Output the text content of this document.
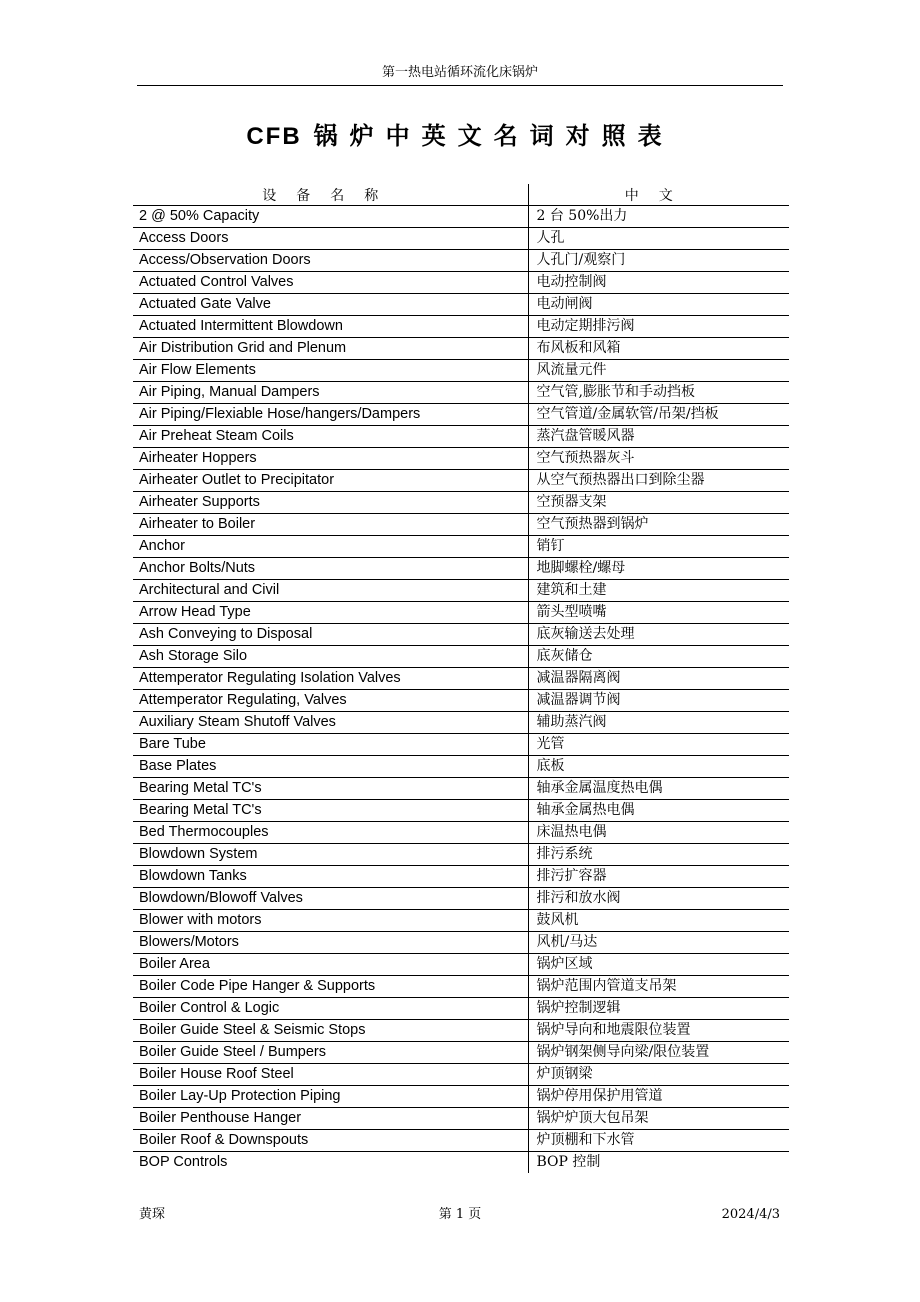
第一热电站循环流化床锅炉
CFB 锅炉中英文名词对照表
设备名称	中文
2 @ 50% Capacity	2 台 50%出力
Access Doors	人孔
Access/Observation Doors	人孔门/观察门
Actuated Control Valves	电动控制阀
Actuated Gate Valve	电动闸阀
Actuated Intermittent Blowdown	电动定期排污阀
Air Distribution Grid and Plenum	布风板和风箱
Air Flow Elements	风流量元件
Air Piping, Manual Dampers	空气管,膨胀节和手动挡板
Air Piping/Flexiable Hose/hangers/Dampers	空气管道/金属软管/吊架/挡板
Air Preheat Steam Coils	蒸汽盘管暖风器
Airheater Hoppers	空气预热器灰斗
Airheater Outlet to Precipitator	从空气预热器出口到除尘器
Airheater Supports	空预器支架
Airheater to Boiler	空气预热器到锅炉
Anchor	销钉
Anchor Bolts/Nuts	地脚螺栓/螺母
Architectural and Civil	建筑和土建
Arrow Head Type	箭头型喷嘴
Ash Conveying to Disposal	底灰输送去处理
Ash Storage Silo	底灰储仓
Attemperator Regulating Isolation Valves	减温器隔离阀
Attemperator Regulating, Valves	减温器调节阀
Auxiliary Steam Shutoff Valves	辅助蒸汽阀
Bare Tube	光管
Base Plates	底板
Bearing Metal TC's	轴承金属温度热电偶
Bearing Metal TC's	轴承金属热电偶
Bed Thermocouples	床温热电偶
Blowdown System	排污系统
Blowdown Tanks	排污扩容器
Blowdown/Blowoff Valves	排污和放水阀
Blower with motors	鼓风机
Blowers/Motors	风机/马达
Boiler Area	锅炉区域
Boiler Code Pipe Hanger & Supports	锅炉范围内管道支吊架
Boiler Control & Logic	锅炉控制逻辑
Boiler Guide Steel & Seismic Stops	锅炉导向和地震限位装置
Boiler Guide Steel / Bumpers	锅炉钢架侧导向梁/限位装置
Boiler House Roof Steel	炉顶钢梁
Boiler Lay-Up Protection Piping	锅炉停用保护用管道
Boiler Penthouse Hanger	锅炉炉顶大包吊架
Boiler Roof & Downspouts	炉顶棚和下水管
BOP Controls	BOP 控制
黄琛	第 1 页	2024/4/3
